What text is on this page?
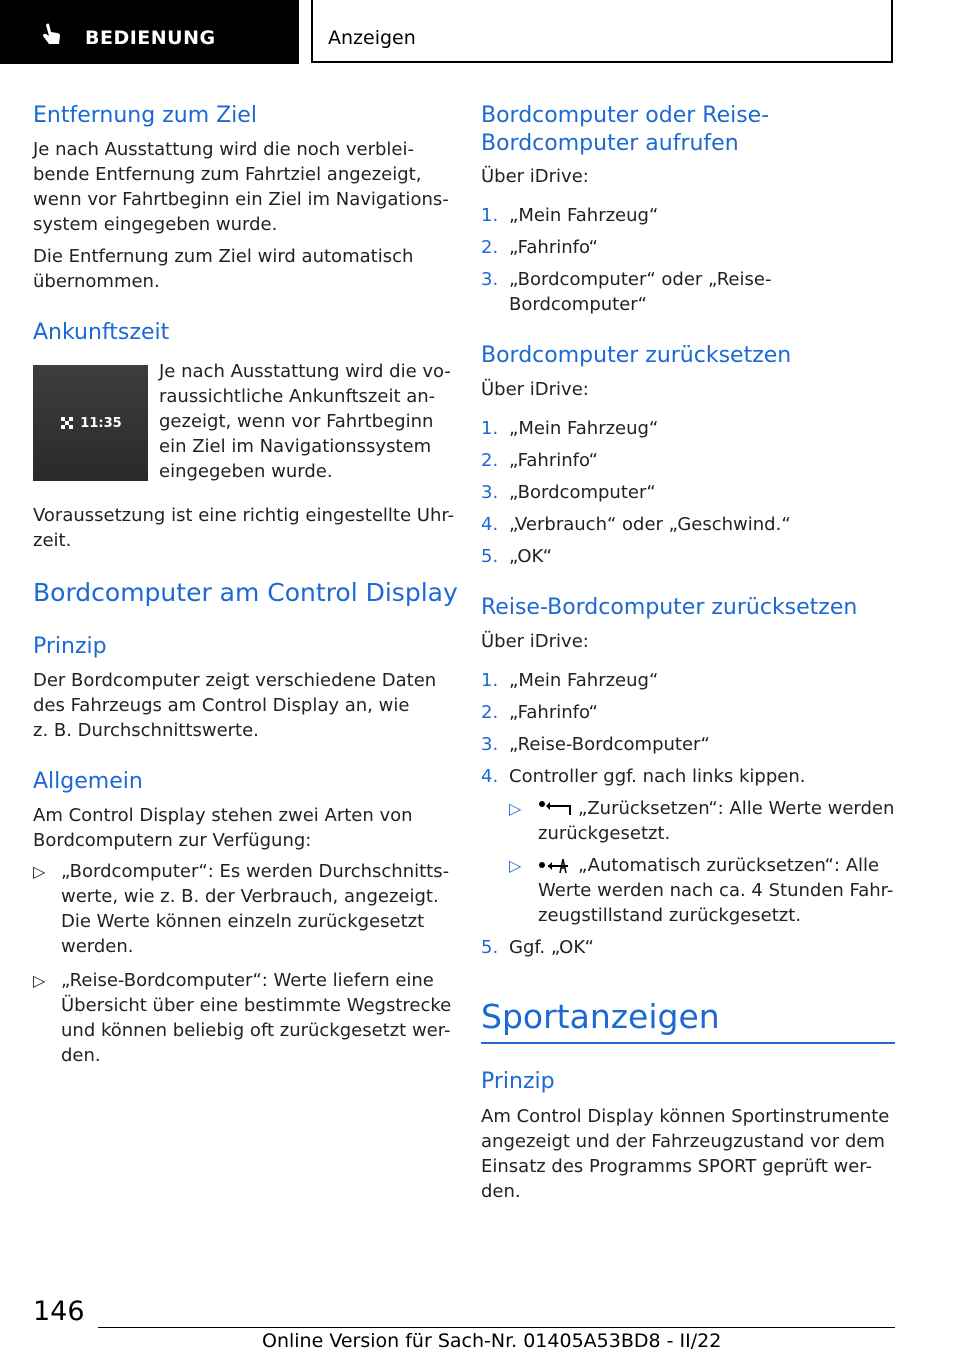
BEDIENUNG	Anzeigen
Entfernung zum Ziel

Je nach Ausstattung wird die noch verblei-
bende Entfernung zum Fahrtziel angezeigt,
wenn vor Fahrtbeginn ein Ziel im Navigations-
system eingegeben wurde.

Die Entfernung zum Ziel wird automatisch
übernommen.

Ankunftszeit
11:35

Je nach Ausstattung wird die vo-
raussichtliche Ankunftszeit an-
gezeigt, wenn vor Fahrtbeginn
ein Ziel im Navigationssystem
eingegeben wurde.

Voraussetzung ist eine richtig eingestellte Uhr-
zeit.

Bordcomputer am Control Display
Prinzip

Der Bordcomputer zeigt verschiedene Daten
des Fahrzeugs am Control Display an, wie
z. B. Durchschnittswerte.

Allgemein

Am Control Display stehen zwei Arten von
Bordcomputern zur Verfügung:

▷ „Bordcomputer“: Es werden Durchschnitts-
werte, wie z. B. der Verbrauch, angezeigt.
Die Werte können einzeln zurückgesetzt
werden.

▷ „Reise-Bordcomputer“: Werte liefern eine
Übersicht über eine bestimmte Wegstrecke
und können beliebig oft zurückgesetzt wer-
den.

Bordcomputer oder Reise-
Bordcomputer aufrufen

Über iDrive:

1. „Mein Fahrzeug“

2. „Fahrinfo“

3. „Bordcomputer“ oder „Reise-
Bordcomputer“

Bordcomputer zurücksetzen

Über iDrive:

1. „Mein Fahrzeug“

2. „Fahrinfo“

3. „Bordcomputer“

4. „Verbrauch“ oder „Geschwind.“

5. „OK“

Reise-Bordcomputer zurücksetzen

Über iDrive:

1. „Mein Fahrzeug“

2. „Fahrinfo“

3. „Reise-Bordcomputer“

4. Controller ggf. nach links kippen.

▷	„Zurücksetzen“: Alle Werte werden
zurückgesetzt.

▷	„Automatisch zurücksetzen“: Alle
Werte werden nach ca. 4 Stunden Fahr-
zeugstillstand zurückgesetzt.

5. Ggf. „OK“

Sportanzeigen
Prinzip

Am Control Display können Sportinstrumente
angezeigt und der Fahrzeugzustand vor dem
Einsatz des Programms SPORT geprüft wer-
den.

146
Online Version für Sach-Nr. 01405A53BD8 - II/22
